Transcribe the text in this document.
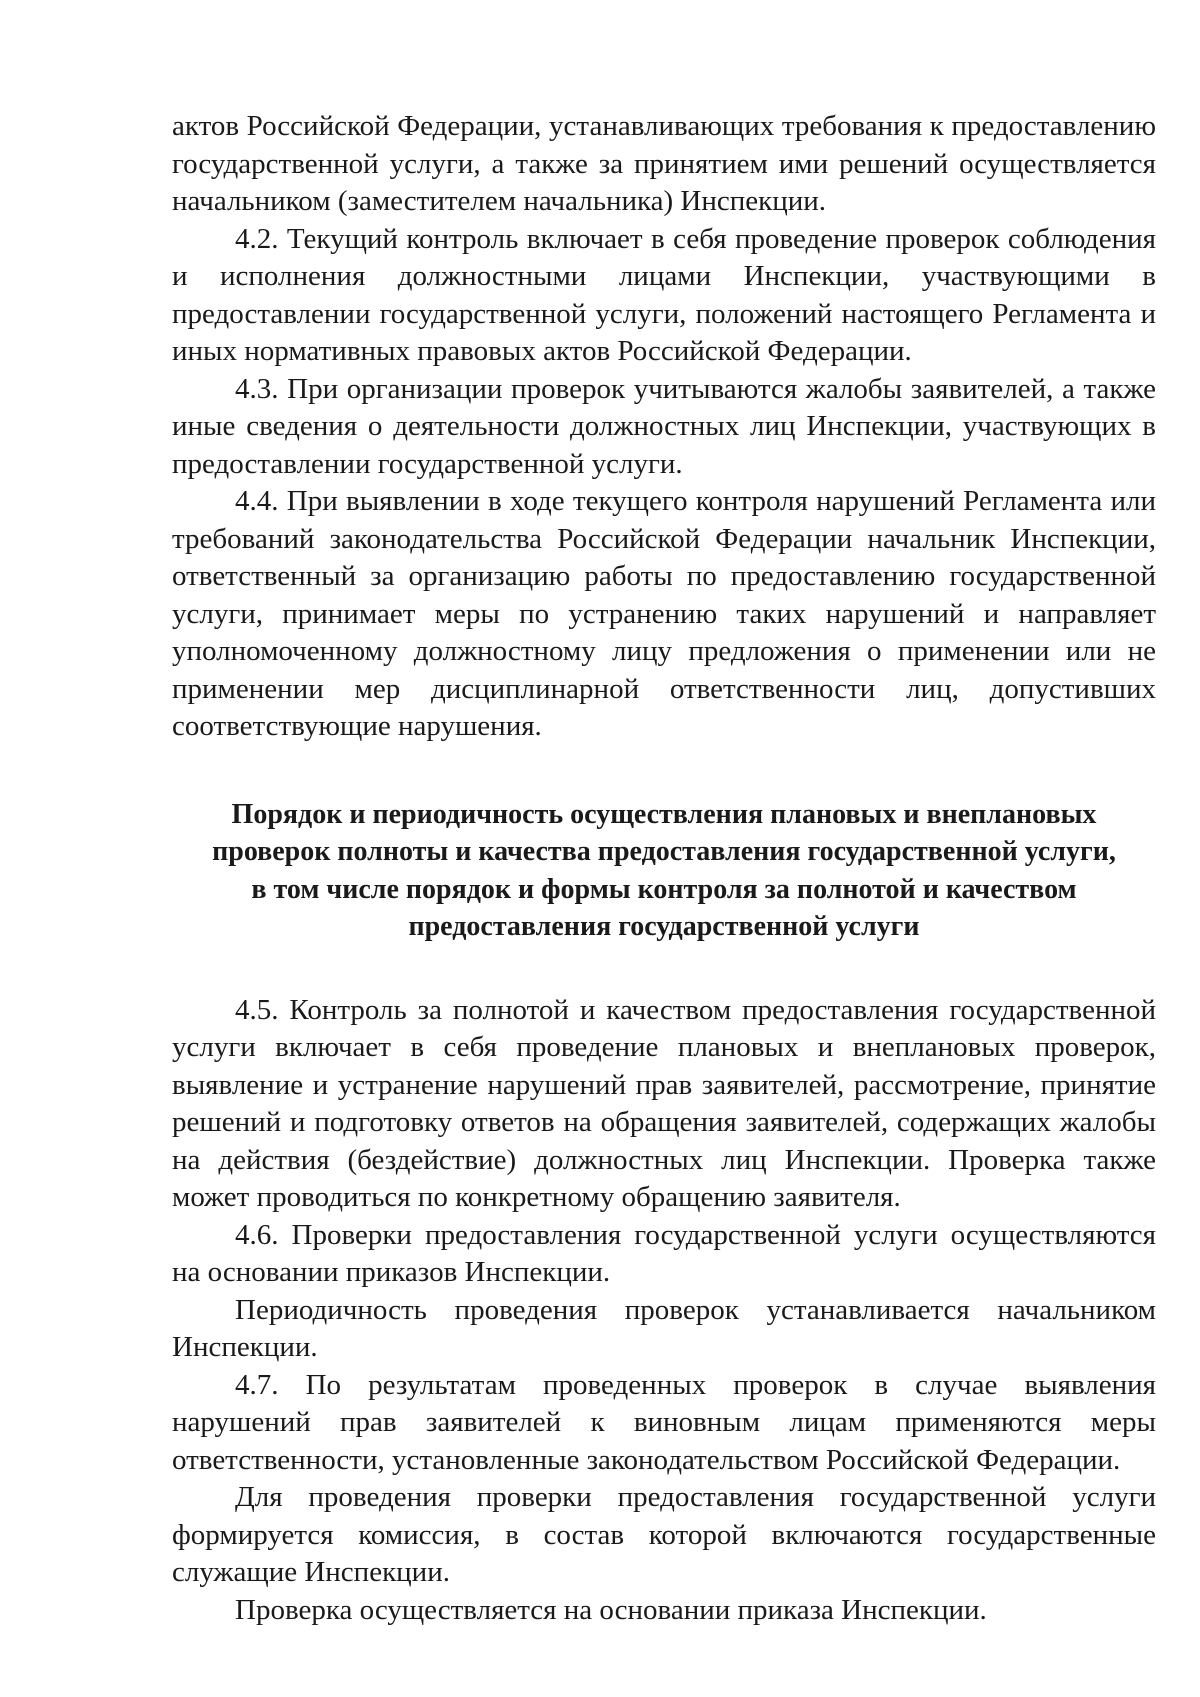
актов Российской Федерации, устанавливающих требования к предоставлению государственной услуги, а также за принятием ими решений осуществляется начальником (заместителем начальника) Инспекции.

4.2. Текущий контроль включает в себя проведение проверок соблюдения и исполнения должностными лицами Инспекции, участвующими в предоставлении государственной услуги, положений настоящего Регламента и иных нормативных правовых актов Российской Федерации.

4.3. При организации проверок учитываются жалобы заявителей, а также иные сведения о деятельности должностных лиц Инспекции, участвующих в предоставлении государственной услуги.

4.4. При выявлении в ходе текущего контроля нарушений Регламента или требований законодательства Российской Федерации начальник Инспекции, ответственный за организацию работы по предоставлению государственной услуги, принимает меры по устранению таких нарушений и направляет уполномоченному должностному лицу предложения о применении или не применении мер дисциплинарной ответственности лиц, допустивших соответствующие нарушения.

Порядок и периодичность осуществления плановых и внеплановых
проверок полноты и качества предоставления государственной услуги,
в том числе порядок и формы контроля за полнотой и качеством
предоставления государственной услуги

4.5. Контроль за полнотой и качеством предоставления государственной услуги включает в себя проведение плановых и внеплановых проверок, выявление и устранение нарушений прав заявителей, рассмотрение, принятие решений и подготовку ответов на обращения заявителей, содержащих жалобы на действия (бездействие) должностных лиц Инспекции. Проверка также может проводиться по конкретному обращению заявителя.

4.6. Проверки предоставления государственной услуги осуществляются на основании приказов Инспекции.

Периодичность проведения проверок устанавливается начальником Инспекции.

4.7. По результатам проведенных проверок в случае выявления нарушений прав заявителей к виновным лицам применяются меры ответственности, установленные законодательством Российской Федерации.

Для проведения проверки предоставления государственной услуги формируется комиссия, в состав которой включаются государственные служащие Инспекции.

Проверка осуществляется на основании приказа Инспекции.
